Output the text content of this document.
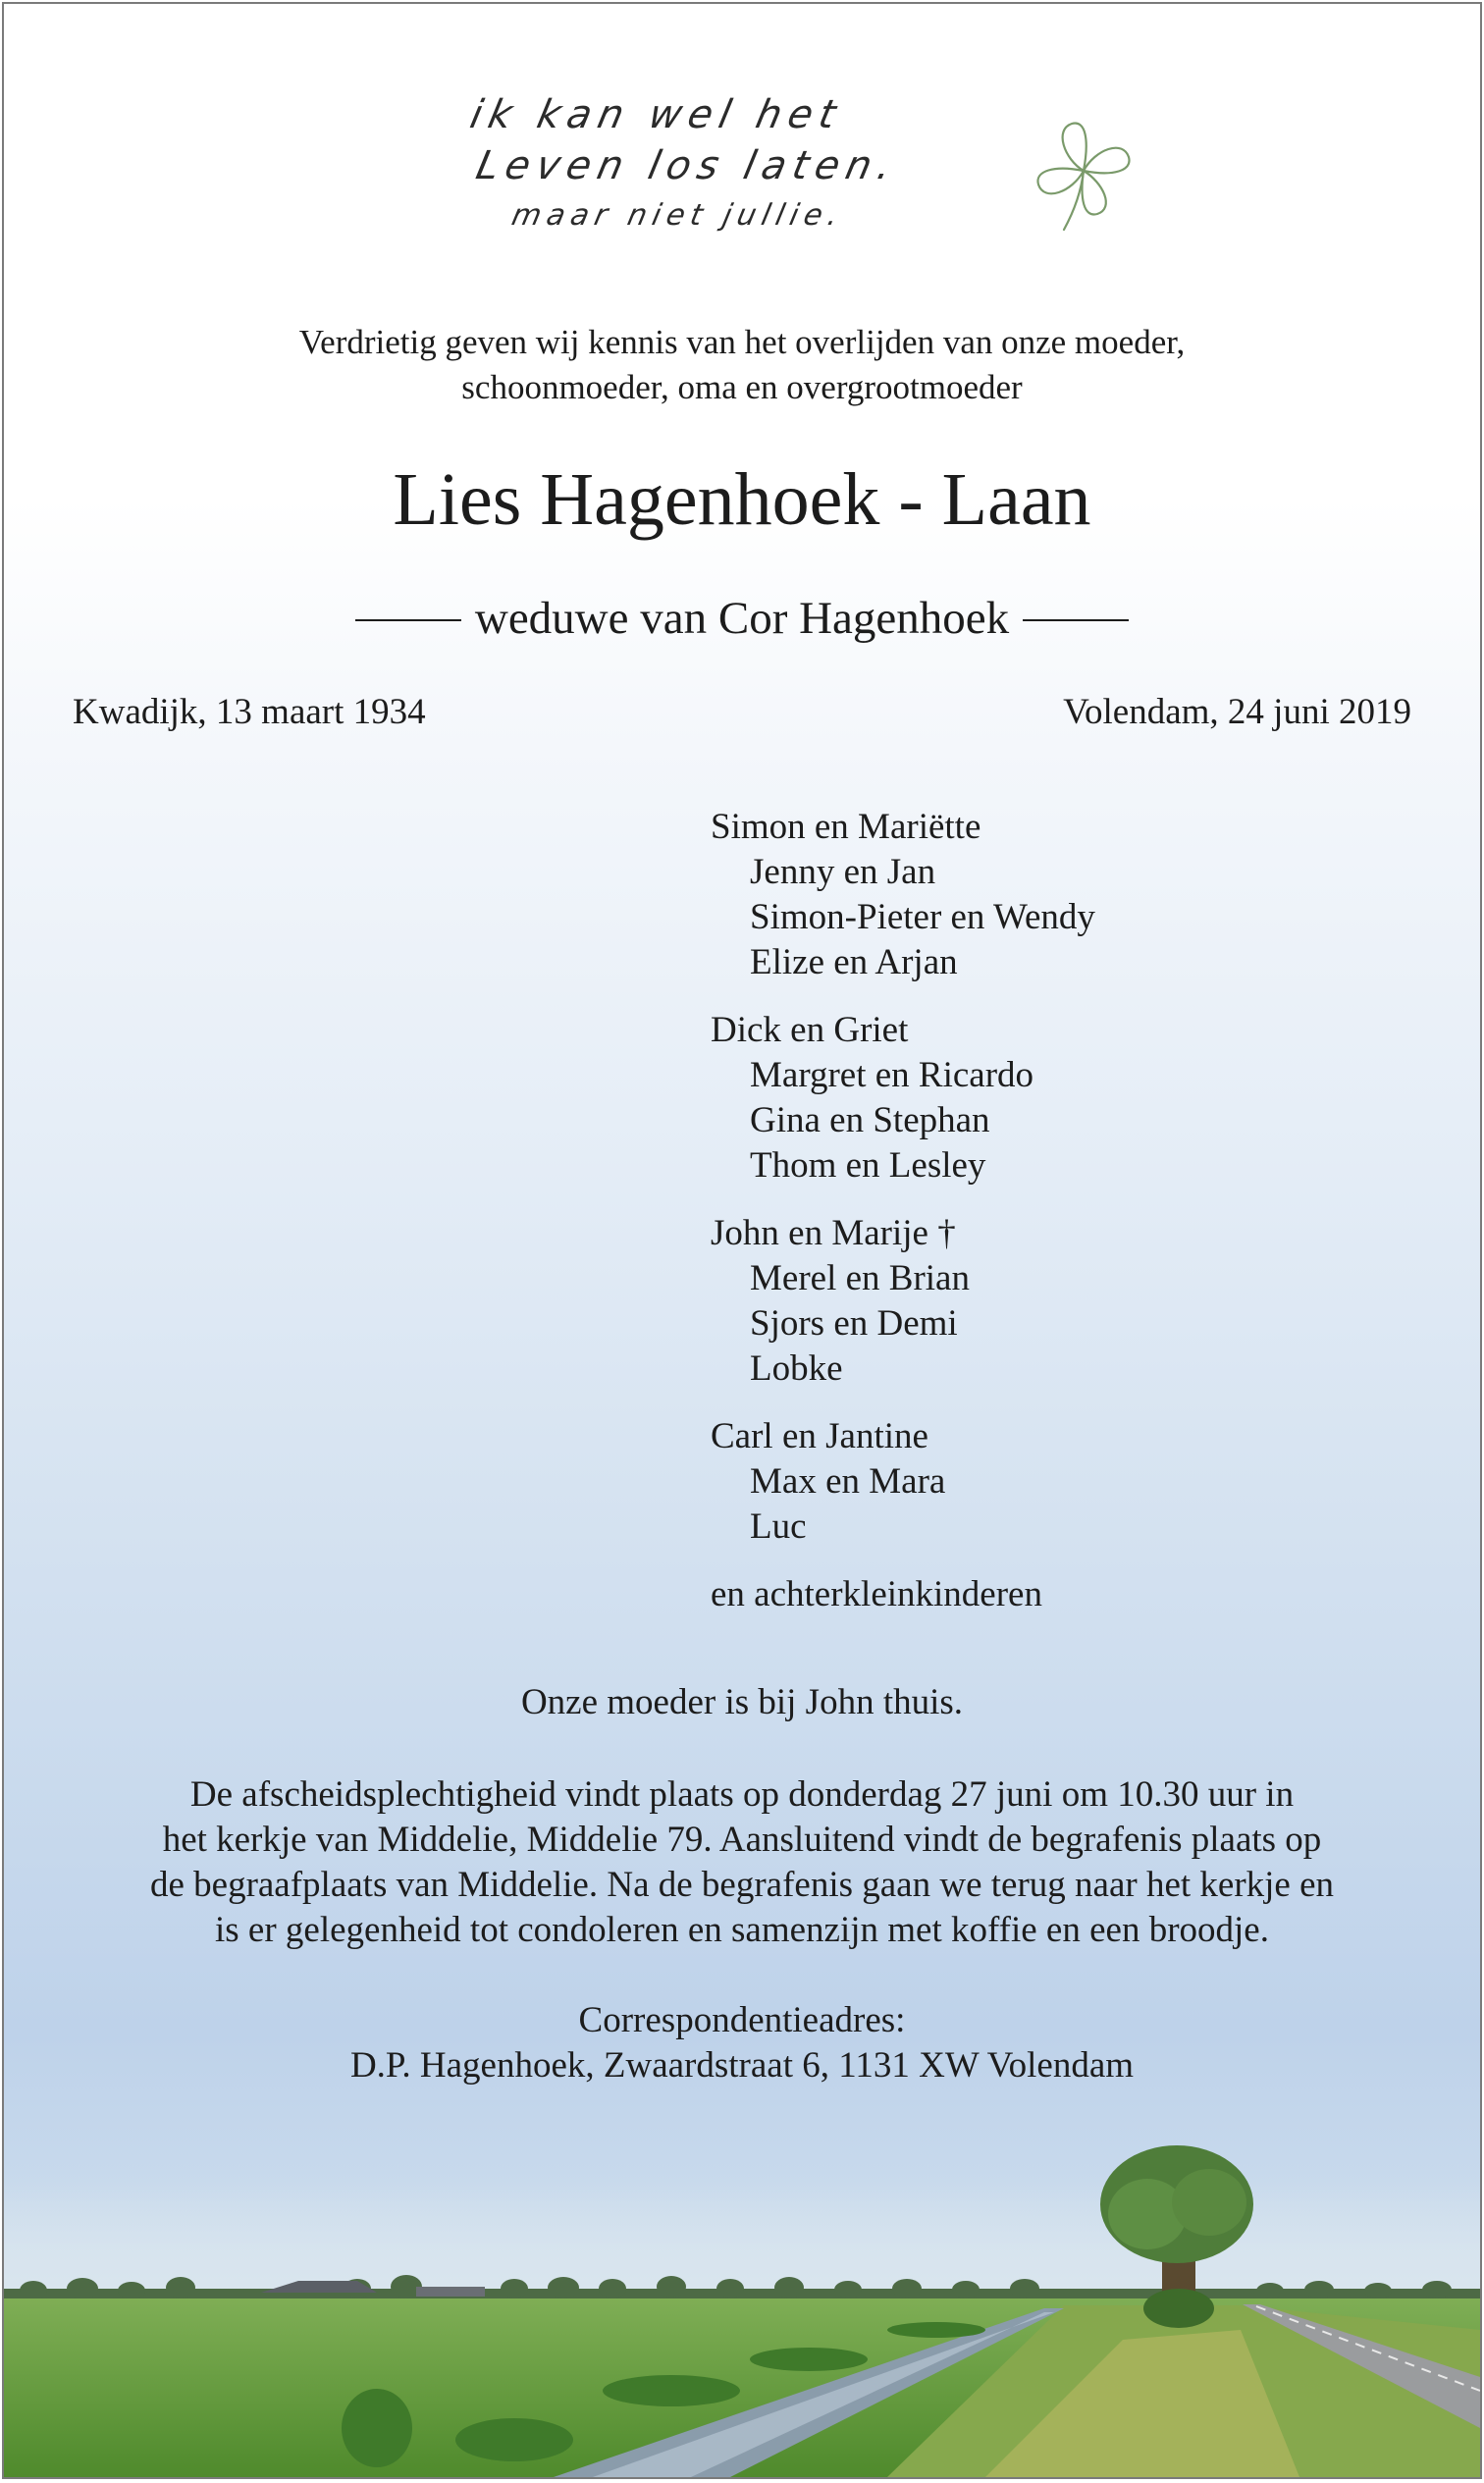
ik kan wel het
Leven los laten.
maar niet jullie.
Verdrietig geven wij kennis van het overlijden van onze moeder,
schoonmoeder, oma en overgrootmoeder
Lies Hagenhoek - Laan
weduwe van Cor Hagenhoek
Kwadijk, 13 maart 1934	Volendam, 24 juni 2019
Simon en Mariëtte
Jenny en Jan
Simon-Pieter en Wendy
Elize en Arjan
Dick en Griet
Margret en Ricardo
Gina en Stephan
Thom en Lesley
John en Marije †
Merel en Brian
Sjors en Demi
Lobke
Carl en Jantine
Max en Mara
Luc
en achterkleinkinderen
Onze moeder is bij John thuis.
De afscheidsplechtigheid vindt plaats op donderdag 27 juni om 10.30 uur in
het kerkje van Middelie, Middelie 79. Aansluitend vindt de begrafenis plaats op
de begraafplaats van Middelie. Na de begrafenis gaan we terug naar het kerkje en
is er gelegenheid tot condoleren en samenzijn met koffie en een broodje.
Correspondentieadres:
D.P. Hagenhoek, Zwaardstraat 6, 1131 XW Volendam
